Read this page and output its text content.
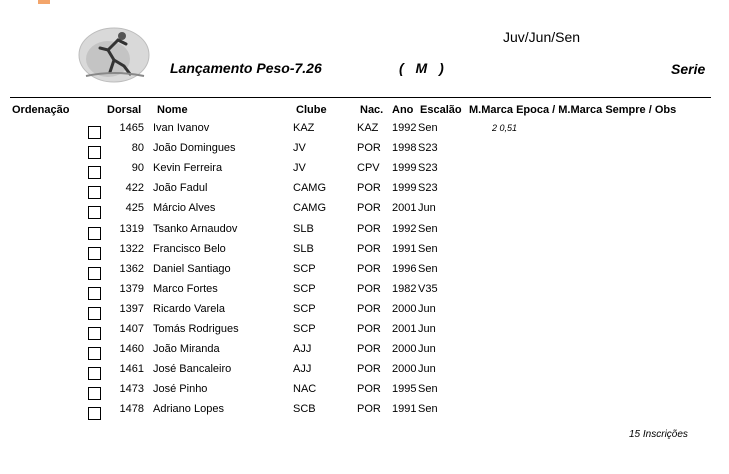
Juv/Jun/Sen
Lançamento Peso-7.26	( M )	Serie
Ordenação	Dorsal Nome	Clube	Nac. Ano Escalão M.Marca Epoca / M.Marca Sempre / Obs
1465 Ivan Ivanov	KAZ	KAZ 1992 Sen	2 0,51
80 João Domingues	JV	POR 1998 S23
90 Kevin Ferreira	JV	CPV 1999 S23
422 João Fadul	CAMG	POR 1999 S23
425 Márcio Alves	CAMG	POR 2001 Jun
1319 Tsanko Arnaudov	SLB	POR 1992 Sen
1322 Francisco Belo	SLB	POR 1991 Sen
1362 Daniel Santiago	SCP	POR 1996 Sen
1379 Marco Fortes	SCP	POR 1982 V35
1397 Ricardo Varela	SCP	POR 2000 Jun
1407 Tomás Rodrigues	SCP	POR 2001 Jun
1460 João Miranda	AJJ	POR 2000 Jun
1461 José Bancaleiro	AJJ	POR 2000 Jun
1473 José Pinho	NAC	POR 1995 Sen
1478 Adriano Lopes	SCB	POR 1991 Sen
15 Inscrições
